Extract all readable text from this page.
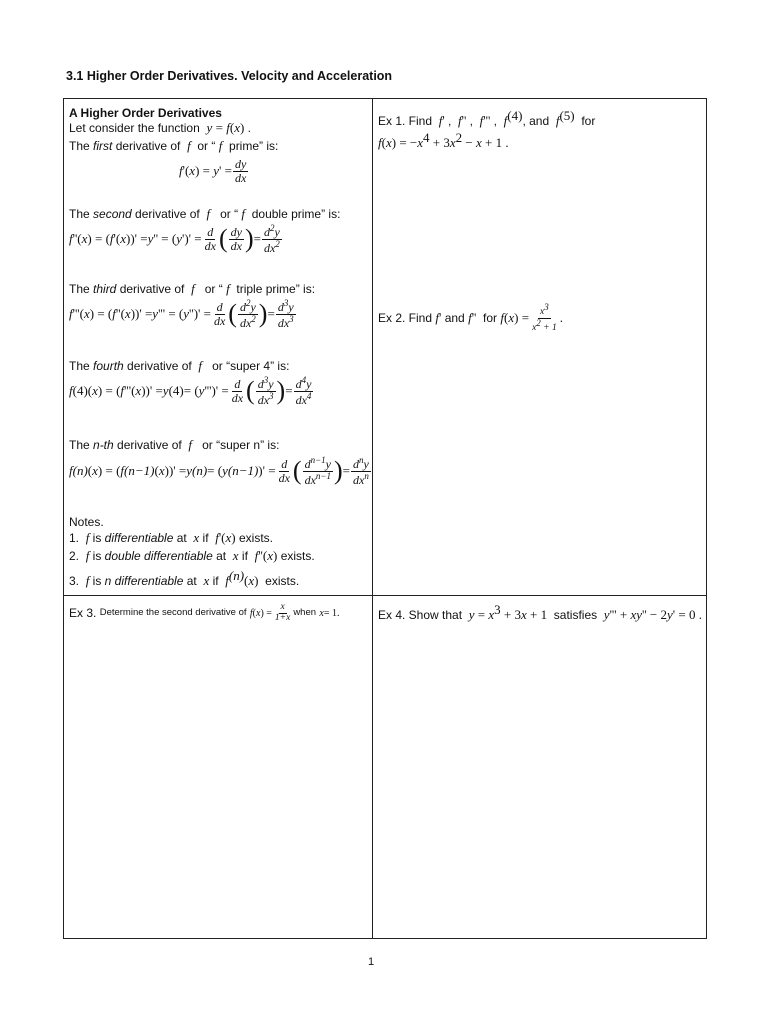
3.1 Higher Order Derivatives. Velocity and Acceleration
A Higher Order Derivatives
Let consider the function y = f(x) .
The first derivative of f or “ f prime” is:
f '( x ) = y ' = $\frac{dy}{dx}$
The second derivative of f or “ f double prime” is:
f ''( x ) = ( f '( x ))' = y '' = ( y ')' = $\frac{d}{dx}$ ( $\frac{dy}{dx}$ ) = $\frac{d^2y}{dx^2}$
The third derivative of f or “ f triple prime” is:
f '''( x ) = ( f ''( x ))' = y ''' = ( y '')' = $\frac{d}{dx}$ ( $\frac{d^2y}{dx^2}$ ) = $\frac{d^3y}{dx^3}$
The fourth derivative of f or “super 4” is:
f (4) ( x ) = ( f '''( x ))' = y (4) = ( y ''')' = $\frac{d}{dx}$ ( $\frac{d^3y}{dx^3}$ ) = $\frac{d^4y}{dx^4}$
The n-th derivative of f or “super n” is:
f (n) ( x ) = ( f (n−1) ( x ))' = y (n) = ( y (n−1) )' = $\frac{d}{dx}$ ( $\frac{d^{n-1}y}{dx^{n-1}}$ ) = $\frac{d^ny}{dx^n}$
Notes.
1. f is differentiable at x if f'(x) exists.
2. f is double differentiable at x if f''(x) exists.
3. f is n differentiable at x if $f^{(n)}(x)$ exists.
Ex 1. Find f' ,  f'' ,  f''' ,  $f^{(4)}$, and $f^{(5)}$ for
$f(x) = -x^4 + 3x^2 - x + 1$ .
Ex 2. Find
f '
and
f ''
for
f ( x ) = $\frac{x^3}{x^2 + 1}$ .
Ex 3.
Determine the second derivative of
f ( x ) = $\frac{x}{1+x}$ when
x = 1.	Ex 4. Show that $y = x^3 + 3x + 1$ satisfies y''' + xy'' − 2y' = 0 .
1
